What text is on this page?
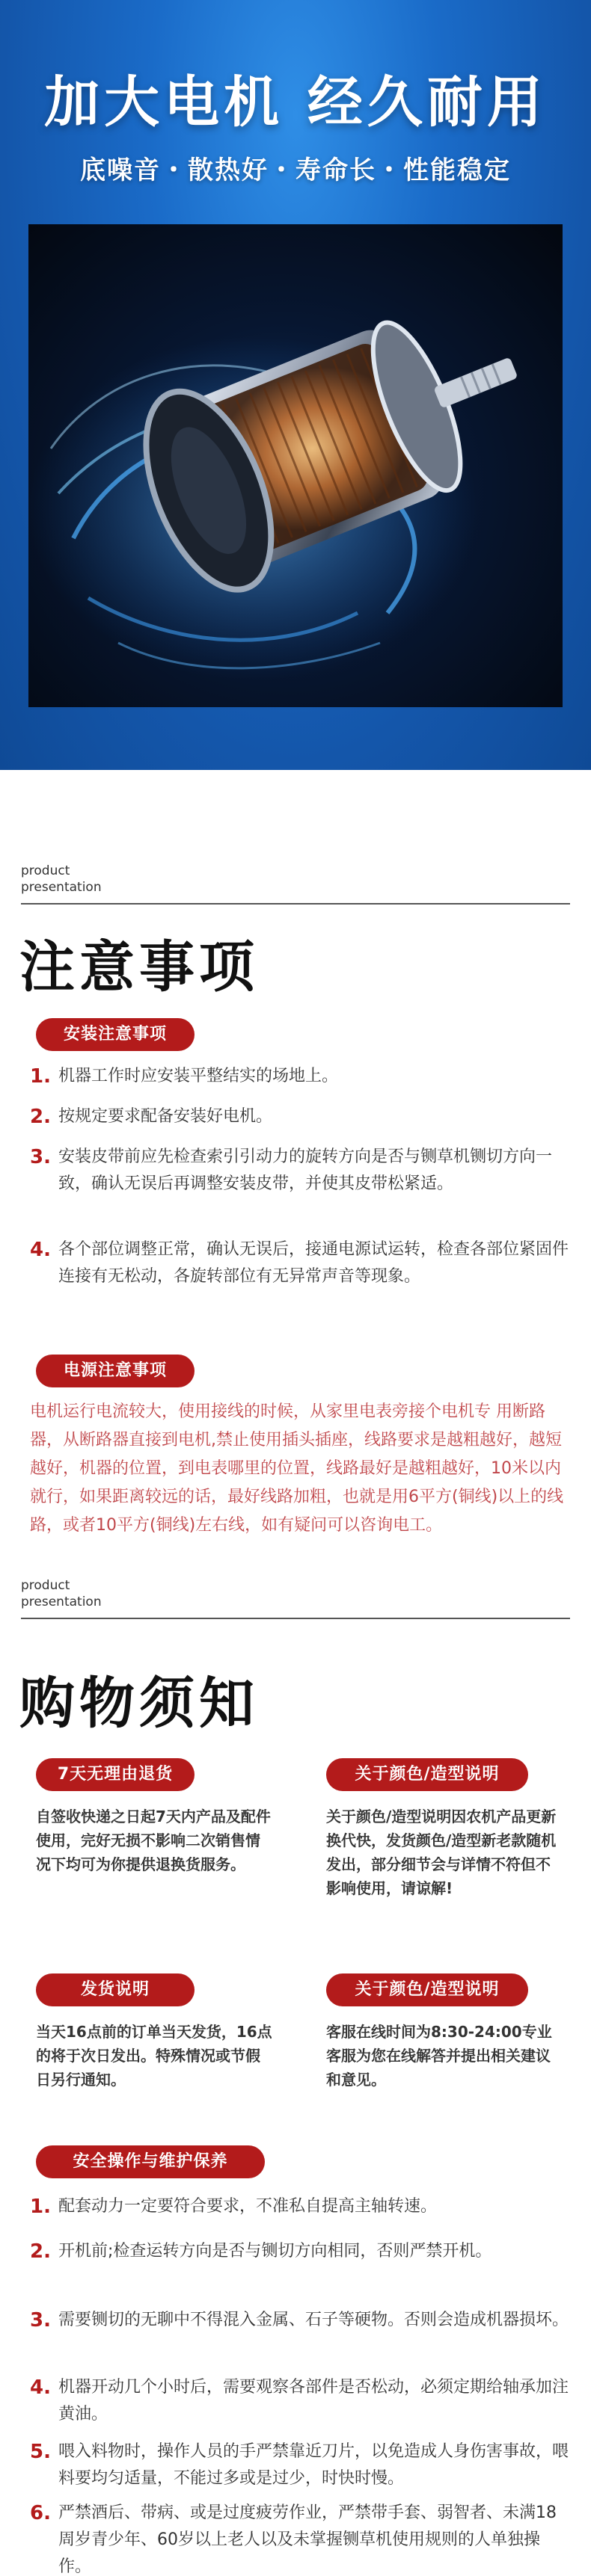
加大电机 经久耐用
底噪音・散热好・寿命长・性能稳定
product
presentation
注意事项
安装注意事项
1. 机器工作时应安装平整结实的场地上。
2. 按规定要求配备安装好电机。
3. 安装皮带前应先检查索引引动力的旋转方向是否与铡草机铡切方向一致，确认无误后再调整安装皮带，并使其皮带松紧适。
4. 各个部位调整正常，确认无误后，接通电源试运转，检查各部位紧固件连接有无松动，各旋转部位有无异常声音等现象。
电源注意事项
电机运行电流较大，使用接线的时候，从家里电表旁接个电机专 用断路器，从断路器直接到电机,禁止使用插头插座，线路要求是越粗越好，越短越好，机器的位置，到电表哪里的位置，线路最好是越粗越好，10米以内就行，如果距离较远的话，最好线路加粗，也就是用6平方(铜线)以上的线路，或者10平方(铜线)左右线，如有疑问可以咨询电工。
product
presentation
购物须知
7天无理由退货
自签收快递之日起7天内产品及配件使用，完好无损不影响二次销售情况下均可为你提供退换货服务。
关于颜色/造型说明
关于颜色/造型说明因农机产品更新换代快，发货颜色/造型新老款随机发出，部分细节会与详情不符但不影响使用，请谅解!
发货说明
当天16点前的订单当天发货，16点的将于次日发出。特殊情况或节假日另行通知。
关于颜色/造型说明
客服在线时间为8:30-24:00专业客服为您在线解答并提出相关建议和意见。
安全操作与维护保养
1. 配套动力一定要符合要求，不准私自提高主轴转速。
2. 开机前;检查运转方向是否与铡切方向相同，否则严禁开机。
3. 需要铡切的无聊中不得混入金属、石子等硬物。否则会造成机器损坏。
4. 机器开动几个小时后，需要观察各部件是否松动，必须定期给轴承加注黄油。
5. 喂入料物时，操作人员的手严禁靠近刀片，以免造成人身伤害事故，喂料要均匀适量，不能过多或是过少，时快时慢。
6. 严禁酒后、带病、或是过度疲劳作业，严禁带手套、弱智者、未满18周岁青少年、60岁以上老人以及未掌握铡草机使用规则的人单独操作。
